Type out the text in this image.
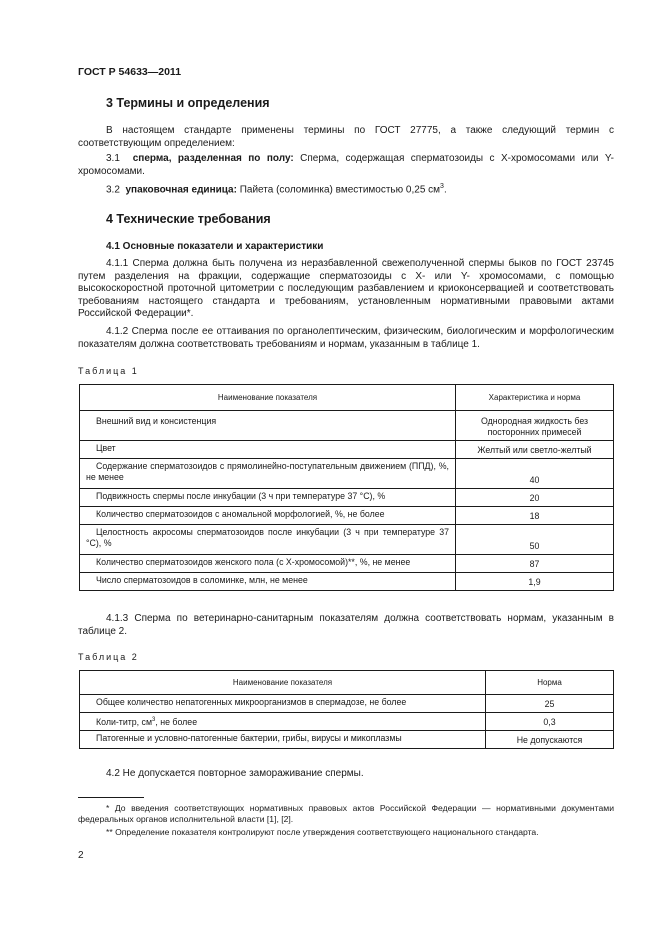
ГОСТ Р 54633—2011
3 Термины и определения
В настоящем стандарте применены термины по ГОСТ 27775, а также следующий термин с соответствующим определением:
3.1 сперма, разделенная по полу: Сперма, содержащая сперматозоиды с X-хромосомами или Y-хромосомами.
3.2 упаковочная единица: Пайета (соломинка) вместимостью 0,25 $см^3$.
4 Технические требования
4.1 Основные показатели и характеристики
4.1.1 Сперма должна быть получена из неразбавленной свежеполученной спермы быков по ГОСТ 23745 путем разделения на фракции, содержащие сперматозоиды с X- или Y- хромосомами, с помощью высокоскоростной проточной цитометрии с последующим разбавлением и криоконсервацией и соответствовать требованиям настоящего стандарта и требованиям, установленным нормативными правовыми актами Российской Федерации*.
4.1.2 Сперма после ее оттаивания по органолептическим, физическим, биологическим и морфологическим показателям должна соответствовать требованиям и нормам, указанным в таблице 1.
Таблица 1
Наименование показателя	Характеристика и норма
Внешний вид и консистенция	Однородная жидкость без посторонних примесей
Цвет	Желтый или светло-желтый
Содержание сперматозоидов с прямолинейно-поступательным движением (ППД), %, не менее	40
Подвижность спермы после инкубации (3 ч при температуре 37 °С), %	20
Количество сперматозоидов с аномальной морфологией, %, не более	18
Целостность акросомы сперматозоидов после инкубации (3 ч при температуре 37 °С), %	50
Количество сперматозоидов женского пола (с X-хромосомой)**, %, не менее	87
Число сперматозоидов в соломинке, млн, не менее	1,9
4.1.3 Сперма по ветеринарно-санитарным показателям должна соответствовать нормам, указанным в таблице 2.
Таблица 2
Наименование показателя	Норма
Общее количество непатогенных микроорганизмов в спермадозе, не более	25
Коли-титр, $см^3$, не более	0,3
Патогенные и условно-патогенные бактерии, грибы, вирусы и микоплазмы	Не допускаются
4.2 Не допускается повторное замораживание спермы.
* До введения соответствующих нормативных правовых актов Российской Федерации — нормативными документами федеральных органов исполнительной власти [1], [2].
** Определение показателя контролируют после утверждения соответствующего национального стандарта.
2
